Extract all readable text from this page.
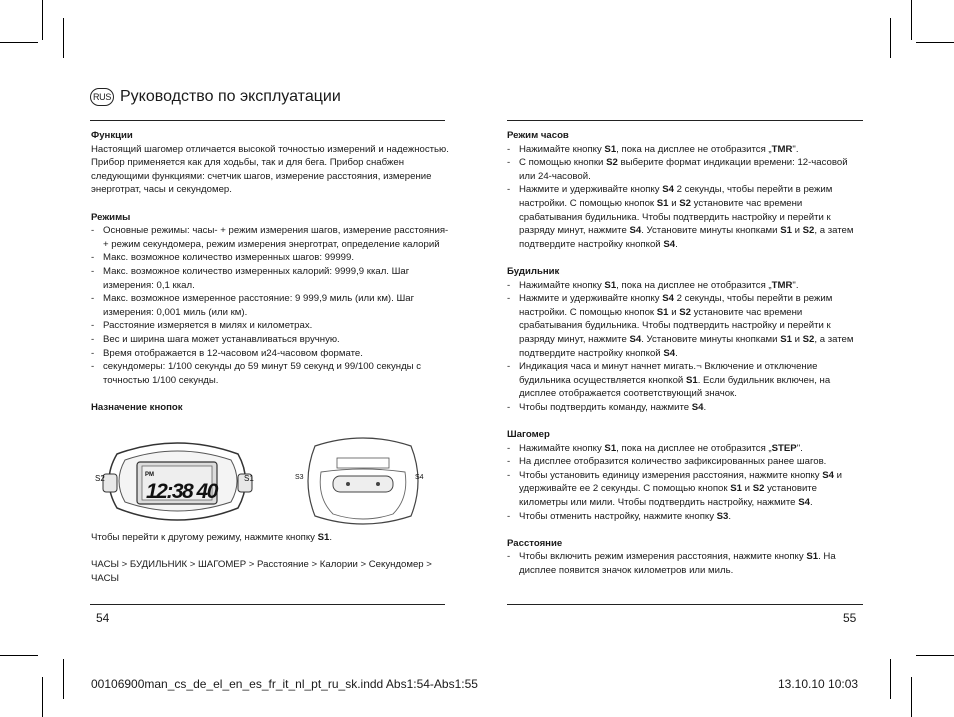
RUS Руководство по эксплуатации
Функции

Настоящий шагомер отличается высокой точностью измерений и надежностью. Прибор применяется как для ходьбы, так и для бега. Прибор снабжен следующими функциями: счетчик шагов, измерение расстояния, измерение энерготрат, часы и секундомер.

Режимы
- Основные режимы: часы- + режим измерения шагов, измерение расстояния- + режим секундомера, режим измерения энерготрат, определение калорий
- Макс. возможное количество измеренных шагов: 99999.
- Макс. возможное количество измеренных калорий: 9999,9 ккал. Шаг измерения: 0,1 ккал.
- Макс. возможное измеренное расстояние: 9 999,9 миль (или км). Шаг измерения: 0,001 миль (или км).
- Расстояние измеряется в милях и километрах.
- Вес и ширина шага может устанавливаться вручную.
- Время отображается в 12-часовом и24-часовом формате.
- секундомеры: 1/100 секунды до 59 минут 59 секунд и 99/100 секунды с точностью 1/100 секунды.
Назначение кнопок
PM
12:38 40
S2	S1	S3	S4

Чтобы перейти к другому режиму, нажмите кнопку S1.

ЧАСЫ > БУДИЛЬНИК > ШАГОМЕР > Расстояние > Калории > Секундомер > ЧАСЫ

54
Режим часов
- Нажимайте кнопку S1, пока на дисплее не отобразится „TMR".
- С помощью кнопки S2 выберите формат индикации времени: 12-часовой или 24-часовой.
- Нажмите и удерживайте кнопку S4 2 секунды, чтобы перейти в режим настройки. С помощью кнопок S1 и S2 установите час времени срабатывания будильника. Чтобы подтвердить настройку и перейти к разряду минут, нажмите S4. Установите минуты кнопками S1 и S2, а затем подтвердите настройку кнопкой S4.
Будильник
- Нажимайте кнопку S1, пока на дисплее не отобразится „TMR".
- Нажмите и удерживайте кнопку S4 2 секунды, чтобы перейти в режим настройки. С помощью кнопок S1 и S2 установите час времени срабатывания будильника. Чтобы подтвердить настройку и перейти к разряду минут, нажмите S4. Установите минуты кнопками S1 и S2, а затем подтвердите настройку кнопкой S4.
- Индикация часа и минут начнет мигать.¬ Включение и отключение будильника осуществляется кнопкой S1. Если будильник включен, на дисплее отображается соответствующий значок.
- Чтобы подтвердить команду, нажмите S4.
Шагомер
- Нажимайте кнопку S1, пока на дисплее не отобразится „STEP".
- На дисплее отобразится количество зафиксированных ранее шагов.
- Чтобы установить единицу измерения расстояния, нажмите кнопку S4 и удерживайте ее 2 секунды. С помощью кнопок S1 и S2 установите километры или мили. Чтобы подтвердить настройку, нажмите S4.
- Чтобы отменить настройку, нажмите кнопку S3.
Расстояние
- Чтобы включить режим измерения расстояния, нажмите кнопку S1. На дисплее появится значок километров или миль.
55
00106900man_cs_de_el_en_es_fr_it_nl_pt_ru_sk.indd Abs1:54-Abs1:55	13.10.10 10:03
